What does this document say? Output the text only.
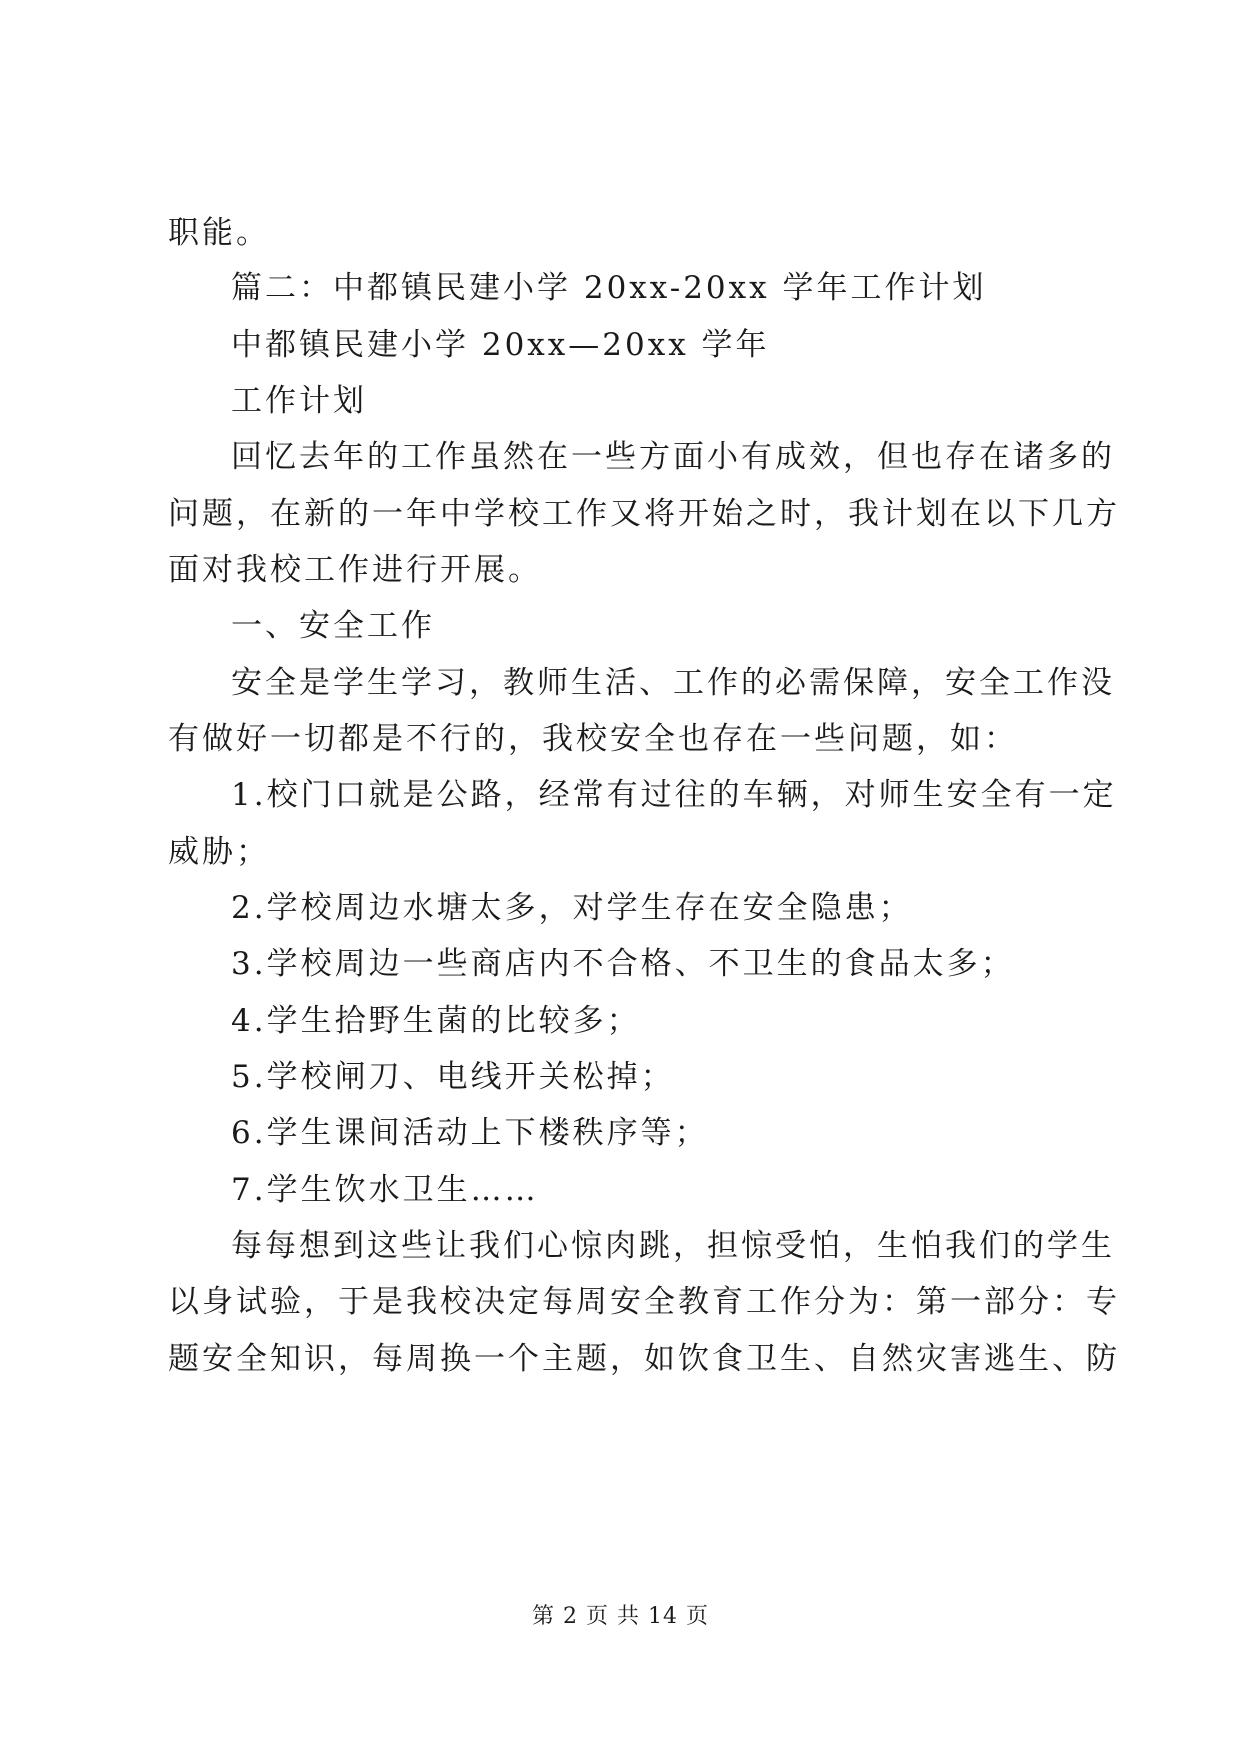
职能。
篇二：中都镇民建小学 20xx-20xx 学年工作计划
中都镇民建小学 20xx—20xx 学年
工作计划
回忆去年的工作虽然在一些方面小有成效，但也存在诸多的
问题，在新的一年中学校工作又将开始之时，我计划在以下几方
面对我校工作进行开展。
一、安全工作
安全是学生学习，教师生活、工作的必需保障，安全工作没
有做好一切都是不行的，我校安全也存在一些问题，如：
1.校门口就是公路，经常有过往的车辆，对师生安全有一定
威胁；
2.学校周边水塘太多，对学生存在安全隐患；
3.学校周边一些商店内不合格、不卫生的食品太多；
4.学生拾野生菌的比较多；
5.学校闸刀、电线开关松掉；
6.学生课间活动上下楼秩序等；
7.学生饮水卫生……
每每想到这些让我们心惊肉跳，担惊受怕，生怕我们的学生
以身试验，于是我校决定每周安全教育工作分为：第一部分：专
题安全知识，每周换一个主题，如饮食卫生、自然灾害逃生、防
第 2 页 共 14 页
